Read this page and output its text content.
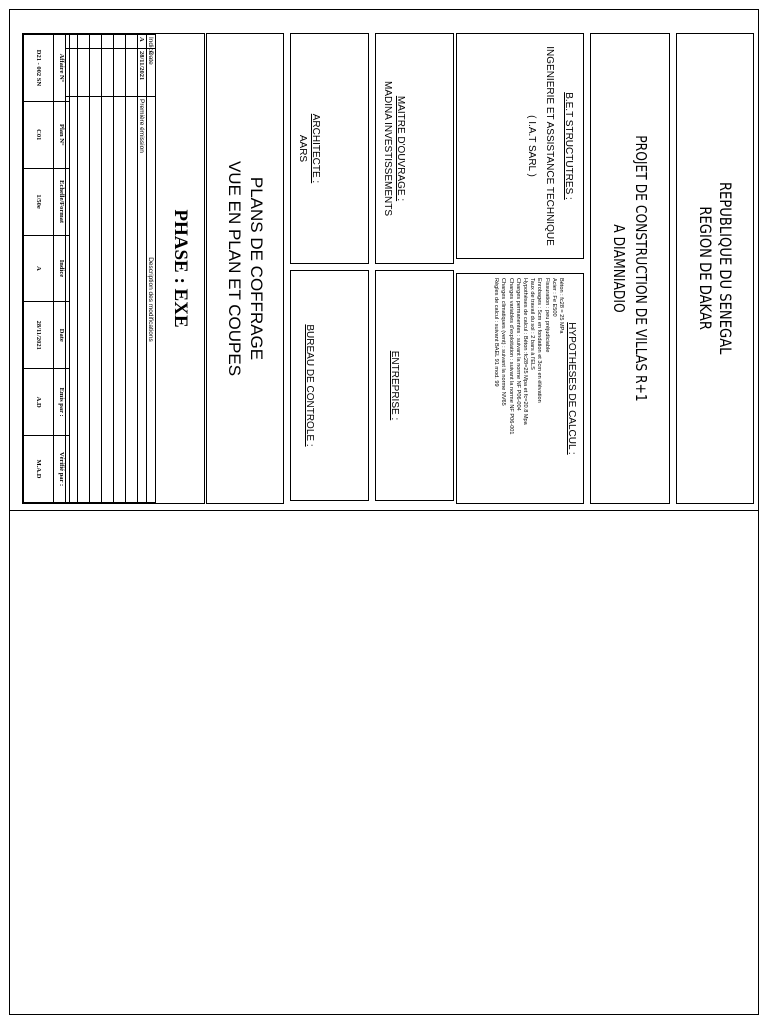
REPUBLIQUE DU SENEGAL
REGION DE DAKAR
PROJET DE CONSTRUCTION DE VILLAS R+1
A DIAMNIADIO
B.E.T STRUCTUTRES :
INGENIERIE ET ASSISTANCE TECHNIQUE
( I.A.T SARL )
HYPOTHESES DE CALCUL :
Béton : fc28 = 25 MPa
Acier : Fe E500
Fissuration : peu préjudiciable
Enrobages : 5cm en fondation et 3cm en élévation
Taux de travail du sol : 2 bars à l'ELS
Hypothèses de calcul : Béton :fc28=25 Mpa et fc=20.8 Mpa
Charges permanentes : suivant la norme NF P06-004
Charges variables d'exploitation : suivant la norme NF P06-001
Charges climatiques (vent) : suivant la norme NV65
Règles de calcul : suivant BAEL 91 mod. 99
MAITRE D'OUVRAGE :
MADINA INVESTISSEMENTS
ENTREPRISE :
ARCHITECTE :
AARS
BUREAU DE CONTROLE :
PLANS DE COFFRAGE
VUE EN PLAN ET COUPES
PHASE : EXE
Indice	Date	Description des modifications
A	28/11/2021	Première émission

Affaire N°	Plan N°	Echelle/Format	Indice	Date	Emis par :	Vérifié par :
D21 - 002 SN	C01	1/50e	A	28/11/2021	A.D	M.A.D
